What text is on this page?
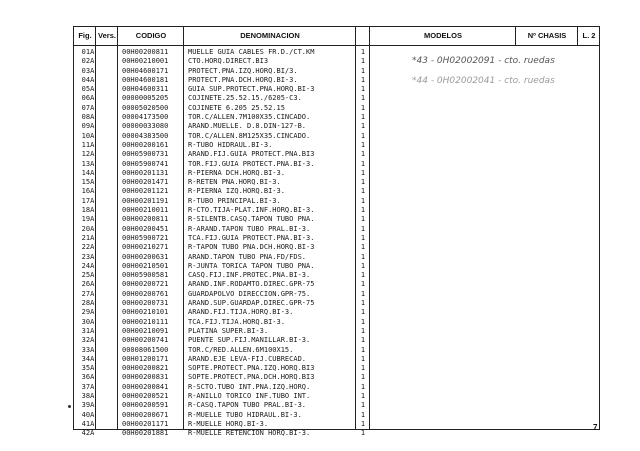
Fig. Vers.	CODIGO	DENOMINACION	MODELOS	Nº CHASIS	L. 2
01A	00H00200811	MUELLE GUIA CABLES FR.D./CT.KM	1
02A	00H00210001	CTO.HORQ.DIRECT.BI3	1
03A	00H04600171	PROTECT.PNA.IZQ.HORQ.BI/3.	1
04A	00H04600181	PROTECT.PNA.DCH.HORQ.BI-3.	1
05A	00H04600311	GUIA SUP.PROTECT.PNA.HORQ.BI-3	1
06A	00000005205	COJINETE.25.52.15./6205-C3.	1
07A	00005020500	COJINETE 6.205 25.52.15	1
08A	00004173500	TOR.C/ALLEN.7M100X35.CINCADO.	1
09A	00000033080	ARAND.MUELLE. D.8.DIN-127-B.	1
10A	00004383500	TOR.C/ALLEN.8M125X35.CINCADO.	1
11A	00H00200161	R-TUBO HIDRAUL.BI-3.	1
12A	00H05900731	ARAND.FIJ.GUIA PROTECT.PNA.BI3	1
13A	00H05900741	TOR.FIJ.GUIA PROTECT.PNA.BI-3.	1
14A	00H00201131	R-PIERNA DCH.HORQ.BI-3.	1
15A	00H00201471	R-RETEN PNA.HORQ.BI-3.	1
16A	00H00201121	R-PIERNA IZQ.HORQ.BI-3.	1
17A	00H00201191	R-TUBO PRINCIPAL.BI-3.	1
18A	00H00210011	R-CTO.TIJA-PLAT.INF.HORQ.BI-3.	1
19A	00H00200811	R-SILENTB.CASQ.TAPON TUBO PNA.	1
20A	00H00200451	R-ARAND.TAPON TUBO PRAL.BI-3.	1
21A	00H05900721	TCA.FIJ.GUIA PROTECT.PNA.BI-3.	1
22A	00H00210271	R-TAPON TUBO PNA.DCH.HORQ.BI-3	1
23A	00H00200631	ARAND.TAPON TUBO PNA.FD/FDS.	1
24A	00H00210501	R-JUNTA TORICA TAPON TUBO PNA.	1
25A	00H05900581	CASQ.FIJ.INF.PROTEC.PNA.BI-3.	1
26A	00H00200721	ARAND.INF.RODAMTO.DIREC.GPR-75	1
27A	00H00200761	GUARDAPOLVO DIRECCION.GPR-75.	1
28A	00H00200731	ARAND.SUP.GUARDAP.DIREC.GPR-75	1
29A	00H00210101	ARAND.FIJ.TIJA.HORQ.BI-3.	1
30A	00H00210111	TCA.FIJ.TIJA.HORQ.BI-3.	1
31A	00H00210091	PLATINA SUPER.BI-3.	1
32A	00H00200741	PUENTE SUP.FIJ.MANILLAR.BI-3.	1
33A	00008061500	TOR.C/RED.ALLEN.6M100X15.	1
34A	00H01200171	ARAND.EJE LEVA-FIJ.CUBRECAD.	1
35A	00H00200821	SOPTE.PROTECT.PNA.IZQ.HORQ.BI3	1
36A	00H00200831	SOPTE.PROTECT.PNA.DCH.HORQ.BI3	1
37A	00H00200841	R-SCTO.TUBO INT.PNA.IZQ.HORQ.	1
38A	00H00200521	R-ANILLO TORICO INF.TUBO INT.	1
39A	00H00200591	R-CASQ.TAPON TUBO PRAL.BI-3.	1
40A	00H00200671	R-MUELLE TUBO HIDRAUL.BI-3.	1
41A	00H00201171	R-MUELLE HORQ.BI-3.	1
42A	00H00201881	R-MUELLE RETENCION HORQ.BI-3.	1
*43 - 0H02002091 - cto. ruedas
*44 - 0H02002041 - cto. ruedas
7
